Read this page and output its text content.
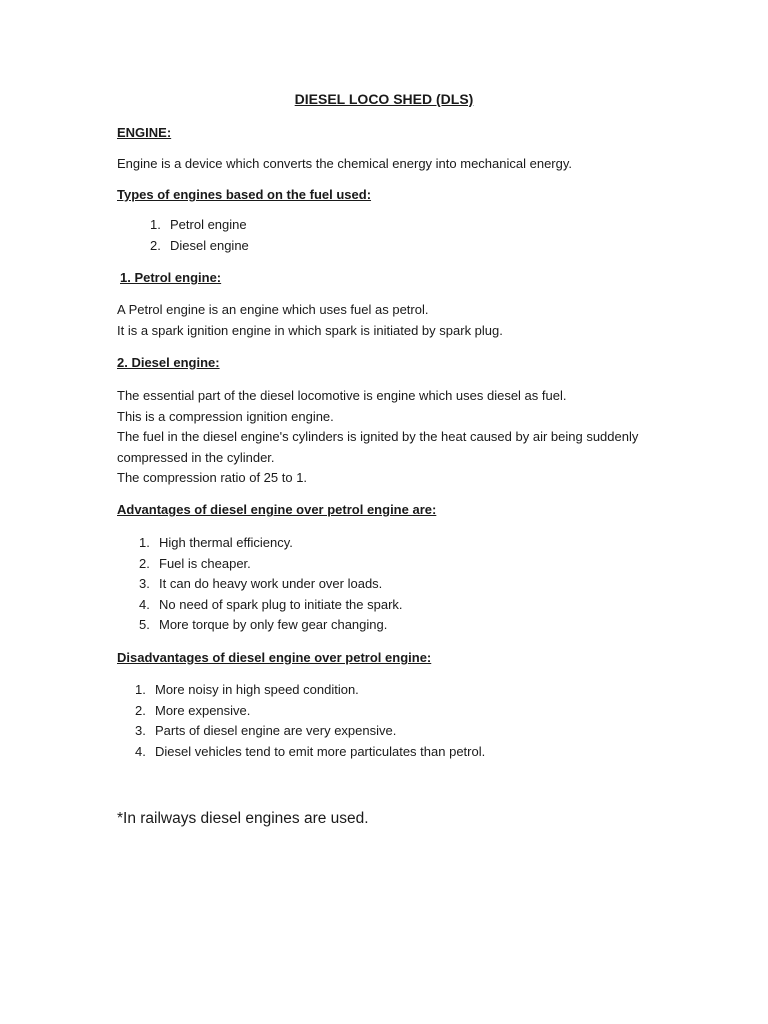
DIESEL LOCO SHED (DLS)
ENGINE:
Engine is a device which converts the chemical energy into mechanical energy.
Types of engines based on the fuel used:
1. Petrol engine
2. Diesel engine
1. Petrol engine:
A Petrol engine is an engine which uses fuel as petrol.
It is a spark ignition engine in which spark is initiated by spark plug.
2. Diesel engine:
The essential part of the diesel locomotive is engine which uses diesel as fuel.
This is a compression ignition engine.
The fuel in the diesel engine's cylinders is ignited by the heat caused by air being suddenly
compressed in the cylinder.
The compression ratio of 25 to 1.
Advantages of diesel engine over petrol engine are:
1. High thermal efficiency.
2. Fuel is cheaper.
3. It can do heavy work under over loads.
4. No need of spark plug to initiate the spark.
5. More torque by only few gear changing.
Disadvantages of diesel engine over petrol engine:
1. More noisy in high speed condition.
2. More expensive.
3. Parts of diesel engine are very expensive.
4. Diesel vehicles tend to emit more particulates than petrol.
*In railways diesel engines are used.
